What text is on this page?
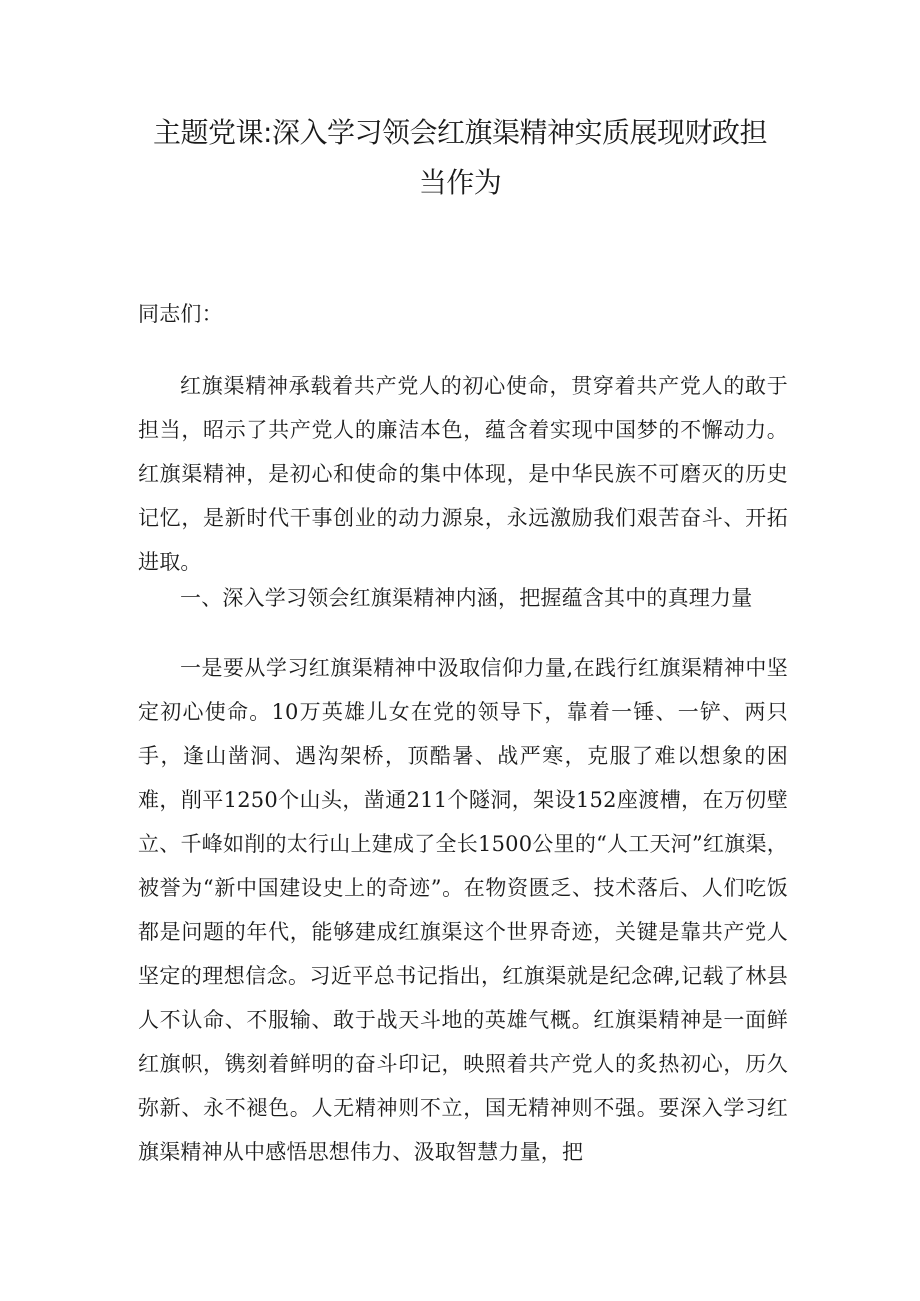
主题党课:深入学习领会红旗渠精神实质展现财政担
当作为

同志们：

红旗渠精神承载着共产党人的初心使命，贯穿着共产党人的敢于担当，昭示了共产党人的廉洁本色，蕴含着实现中国梦的不懈动力。红旗渠精神，是初心和使命的集中体现，是中华民族不可磨灭的历史记忆，是新时代干事创业的动力源泉，永远激励我们艰苦奋斗、开拓进取。

一、深入学习领会红旗渠精神内涵，把握蕴含其中的真理力量

一是要从学习红旗渠精神中汲取信仰力量,在践行红旗渠精神中坚定初心使命。10万英雄儿女在党的领导下，靠着一锤、一铲、两只手，逢山凿洞、遇沟架桥，顶酷暑、战严寒，克服了难以想象的困难，削平1250个山头，凿通211个隧洞，架设152座渡槽，在万仞壁立、千峰如削的太行山上建成了全长1500公里的“人工天河”红旗渠，被誉为“新中国建设史上的奇迹”。在物资匮乏、技术落后、人们吃饭都是问题的年代，能够建成红旗渠这个世界奇迹，关键是靠共产党人坚定的理想信念。习近平总书记指出，红旗渠就是纪念碑,记载了林县人不认命、不服输、敢于战天斗地的英雄气概。红旗渠精神是一面鲜红旗帜，镌刻着鲜明的奋斗印记，映照着共产党人的炙热初心，历久弥新、永不褪色。人无精神则不立，国无精神则不强。要深入学习红旗渠精神从中感悟思想伟力、汲取智慧力量，把
